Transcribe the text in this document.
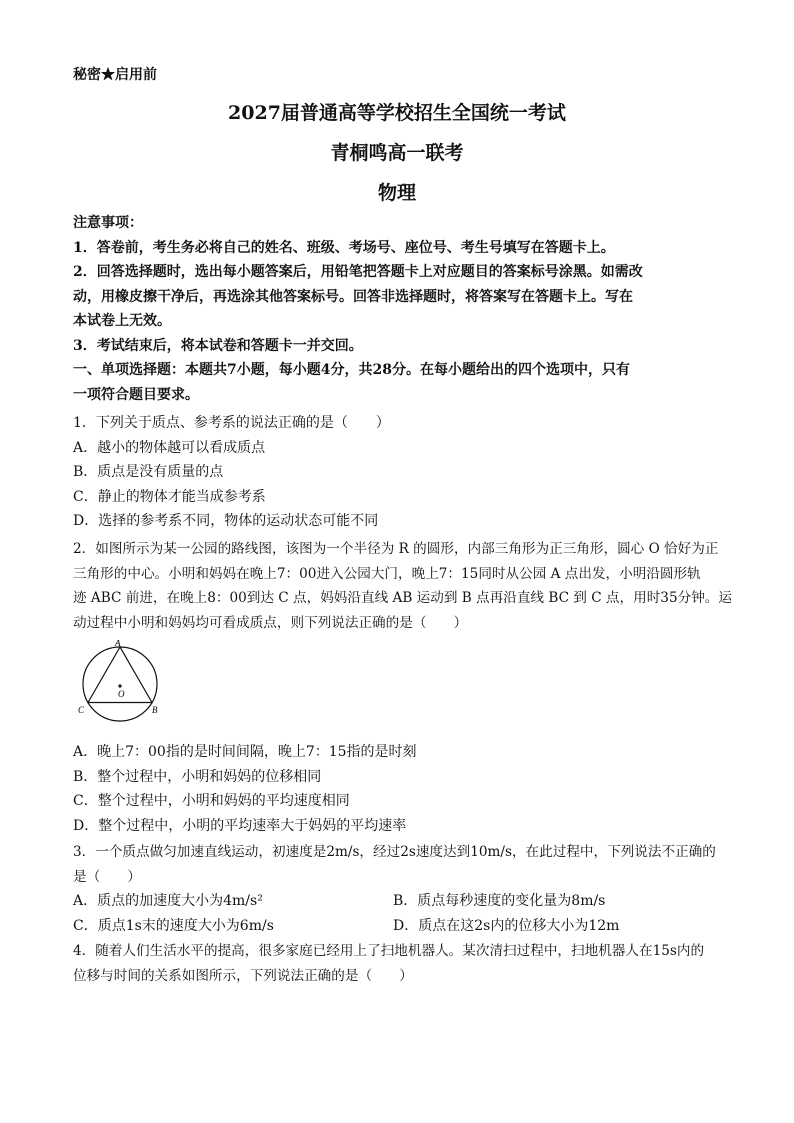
秘密★启用前
2027届普通高等学校招生全国统一考试
青桐鸣高一联考
物理
注意事项：
1．答卷前，考生务必将自己的姓名、班级、考场号、座位号、考生号填写在答题卡上。
2．回答选择题时，选出每小题答案后，用铅笔把答题卡上对应题目的答案标号涂黑。如需改
动，用橡皮擦干净后，再选涂其他答案标号。回答非选择题时，将答案写在答题卡上。写在
本试卷上无效。
3．考试结束后，将本试卷和答题卡一并交回。
一、单项选择题：本题共7小题，每小题4分，共28分。在每小题给出的四个选项中，只有
一项符合题目要求。
1．下列关于质点、参考系的说法正确的是（　　）
A．越小的物体越可以看成质点
B．质点是没有质量的点
C．静止的物体才能当成参考系
D．选择的参考系不同，物体的运动状态可能不同
2．如图所示为某一公园的路线图，该图为一个半径为 R 的圆形，内部三角形为正三角形，圆心 O 恰好为正
三角形的中心。小明和妈妈在晚上7：00进入公园大门，晚上7：15同时从公园 A 点出发，小明沿圆形轨
迹 ABC 前进，在晚上8：00到达 C 点，妈妈沿直线 AB 运动到 B 点再沿直线 BC 到 C 点，用时35分钟。运
动过程中小明和妈妈均可看成质点，则下列说法正确的是（　　）
A
B
C
O
A．晚上7：00指的是时间间隔，晚上7：15指的是时刻
B．整个过程中，小明和妈妈的位移相同
C．整个过程中，小明和妈妈的平均速度相同
D．整个过程中，小明的平均速率大于妈妈的平均速率
3．一个质点做匀加速直线运动，初速度是2m/s，经过2s速度达到10m/s，在此过程中，下列说法不正确的
是（　　）
A．质点的加速度大小为4m/s²	B．质点每秒速度的变化量为8m/s
C．质点1s末的速度大小为6m/s	D．质点在这2s内的位移大小为12m
4．随着人们生活水平的提高，很多家庭已经用上了扫地机器人。某次清扫过程中，扫地机器人在15s内的
位移与时间的关系如图所示，下列说法正确的是（　　）
